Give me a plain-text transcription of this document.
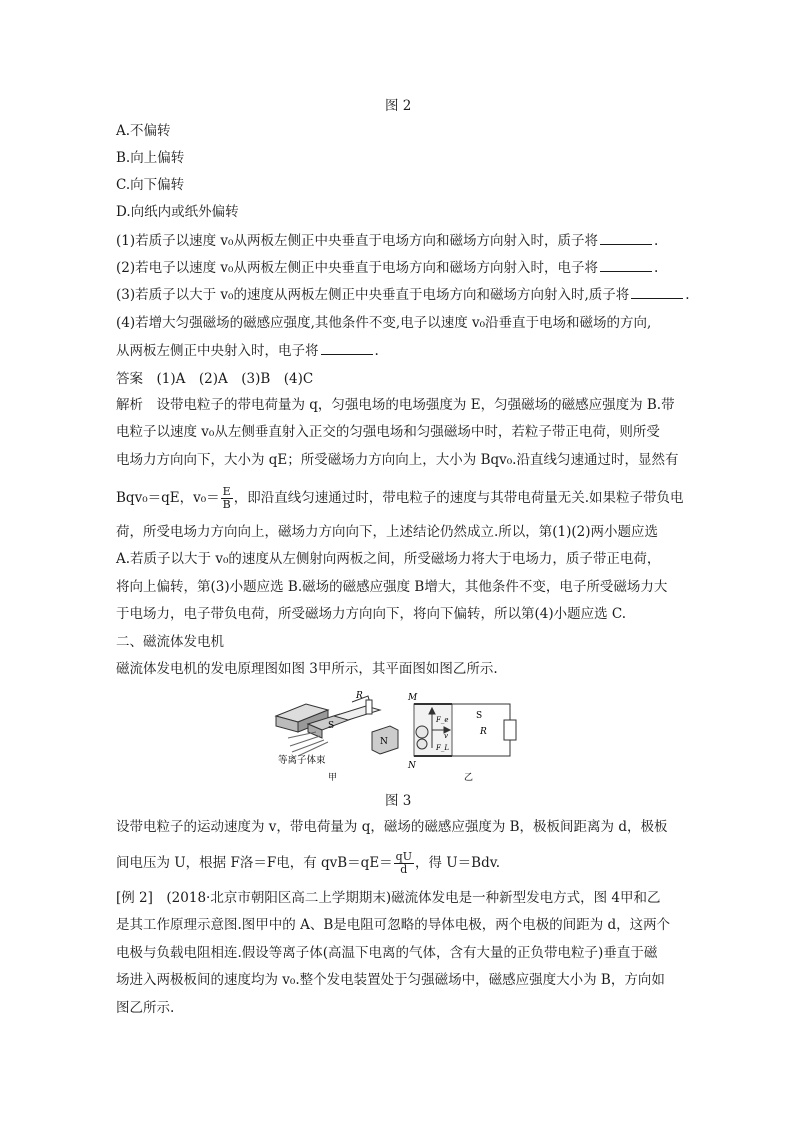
图 2
A.不偏转
B.向上偏转
C.向下偏转
D.向纸内或纸外偏转
(1)若质子以速度 v₀从两板左侧正中央垂直于电场方向和磁场方向射入时，质子将	.
(2)若电子以速度 v₀从两板左侧正中央垂直于电场方向和磁场方向射入时，电子将	.
(3)若质子以大于 v₀的速度从两板左侧正中央垂直于电场方向和磁场方向射入时,质子将	.
(4)若增大匀强磁场的磁感应强度,其他条件不变,电子以速度 v₀沿垂直于电场和磁场的方向,
从两板左侧正中央射入时，电子将	.
答案　(1)A　(2)A　(3)B　(4)C
解析　设带电粒子的带电荷量为 q，匀强电场的电场强度为 E，匀强磁场的磁感应强度为 B.带
电粒子以速度 v₀从左侧垂直射入正交的匀强电场和匀强磁场中时，若粒子带正电荷，则所受
电场力方向向下，大小为 qE；所受磁场力方向向上，大小为 Bqv₀.沿直线匀速通过时，显然有
Bqv₀＝qE，$v_0= \frac{E}{B}$ ，即沿直线匀速通过时，带电粒子的速度与其带电荷量无关.如果粒子带负电
荷，所受电场力方向向上，磁场力方向向下，上述结论仍然成立.所以，第(1)(2)两小题应选
A.若质子以大于 v₀的速度从左侧射向两板之间，所受磁场力将大于电场力，质子带正电荷，
将向上偏转，第(3)小题应选 B.磁场的磁感应强度 B增大，其他条件不变，电子所受磁场力大
于电场力，电子带负电荷，所受磁场力方向向下，将向下偏转，所以第(4)小题应选 C.
二、磁流体发电机
磁流体发电机的发电原理图如图 3甲所示，其平面图如图乙所示.
S
R
N
等离子体束
甲
M
N
S
R
F_e
v
F_L
乙
图 3
设带电粒子的运动速度为 v，带电荷量为 q，磁场的磁感应强度为 B，极板间距离为 d，极板
间电压为 U，根据 F洛＝F电，有 $qvB=qE= \frac{qU}{d}$ ，得 U＝Bdv.
[例 2]　(2018·北京市朝阳区高二上学期期末)磁流体发电是一种新型发电方式，图 4甲和乙
是其工作原理示意图.图甲中的 A、B是电阻可忽略的导体电极，两个电极的间距为 d，这两个
电极与负载电阻相连.假设等离子体(高温下电离的气体，含有大量的正负带电粒子)垂直于磁
场进入两极板间的速度均为 v₀.整个发电装置处于匀强磁场中，磁感应强度大小为 B，方向如
图乙所示.
